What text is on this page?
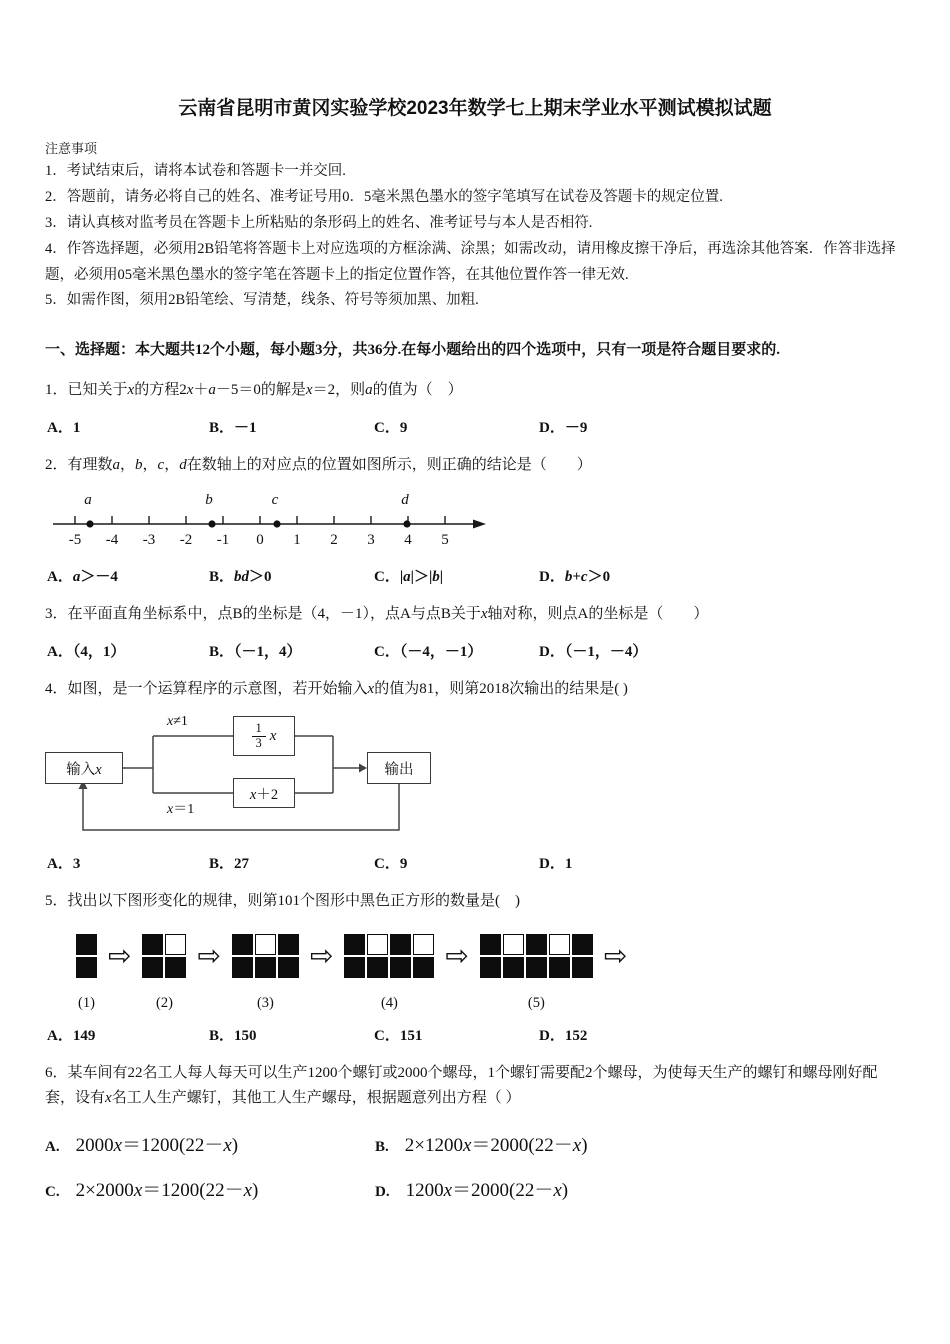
云南省昆明市黄冈实验学校2023年数学七上期末学业水平测试模拟试题

注意事项

1．考试结束后，请将本试卷和答题卡一并交回.

2．答题前，请务必将自己的姓名、准考证号用0．5毫米黑色墨水的签字笔填写在试卷及答题卡的规定位置.

3．请认真核对监考员在答题卡上所粘贴的条形码上的姓名、准考证号与本人是否相符.

4．作答选择题，必须用2B铅笔将答题卡上对应选项的方框涂满、涂黑；如需改动，请用橡皮擦干净后，再选涂其他答案．作答非选择题，必须用05毫米黑色墨水的签字笔在答题卡上的指定位置作答，在其他位置作答一律无效.

5．如需作图，须用2B铅笔绘、写清楚，线条、符号等须加黑、加粗.

一、选择题：本大题共12个小题，每小题3分，共36分.在每小题给出的四个选项中，只有一项是符合题目要求的.

1．已知关于x的方程2x＋a－5＝0的解是x＝2，则a的值为（　）

A．1	B．－1	C．9	D．－9

2．有理数a，b，c，d在数轴上的对应点的位置如图所示，则正确的结论是（　　）

-5 -4 -3 -2 -1 0 1 2 3 4 5
a	b	c	d
A．a＞－4	B．bd＞0	C．|a|＞|b|	D．b+c＞0

3．在平面直角坐标系中，点B的坐标是（4，－1），点A与点B关于x轴对称，则点A的坐标是（　　）

A．（4，1）	B．（－1，4）	C．（－4，－1）	D．（－1，－4）

4．如图，是一个运算程序的示意图，若开始输入x的值为81，则第2018次输出的结果是( )

输入x
$\frac{1}{3}$ x
x＋2
输出
x≠1
x＝1
A．3	B．27	C．9	D．1

5．找出以下图形变化的规律，则第101个图形中黑色正方形的数量是(　)

(1)
⇨
(2)
⇨
(3)
⇨
(4)
⇨
(5)
⇨
A．149	B．150	C．151	D．152

6．某车间有22名工人每人每天可以生产1200个螺钉或2000个螺母，1个螺钉需要配2个螺母，为使每天生产的螺钉和螺母刚好配套，设有x名工人生产螺钉，其他工人生产螺母，根据题意列出方程（ ）

A. 2000x＝1200(22－x)	B. 2×1200x＝2000(22－x)
C. 2×2000x＝1200(22－x)	D. 1200x＝2000(22－x)
